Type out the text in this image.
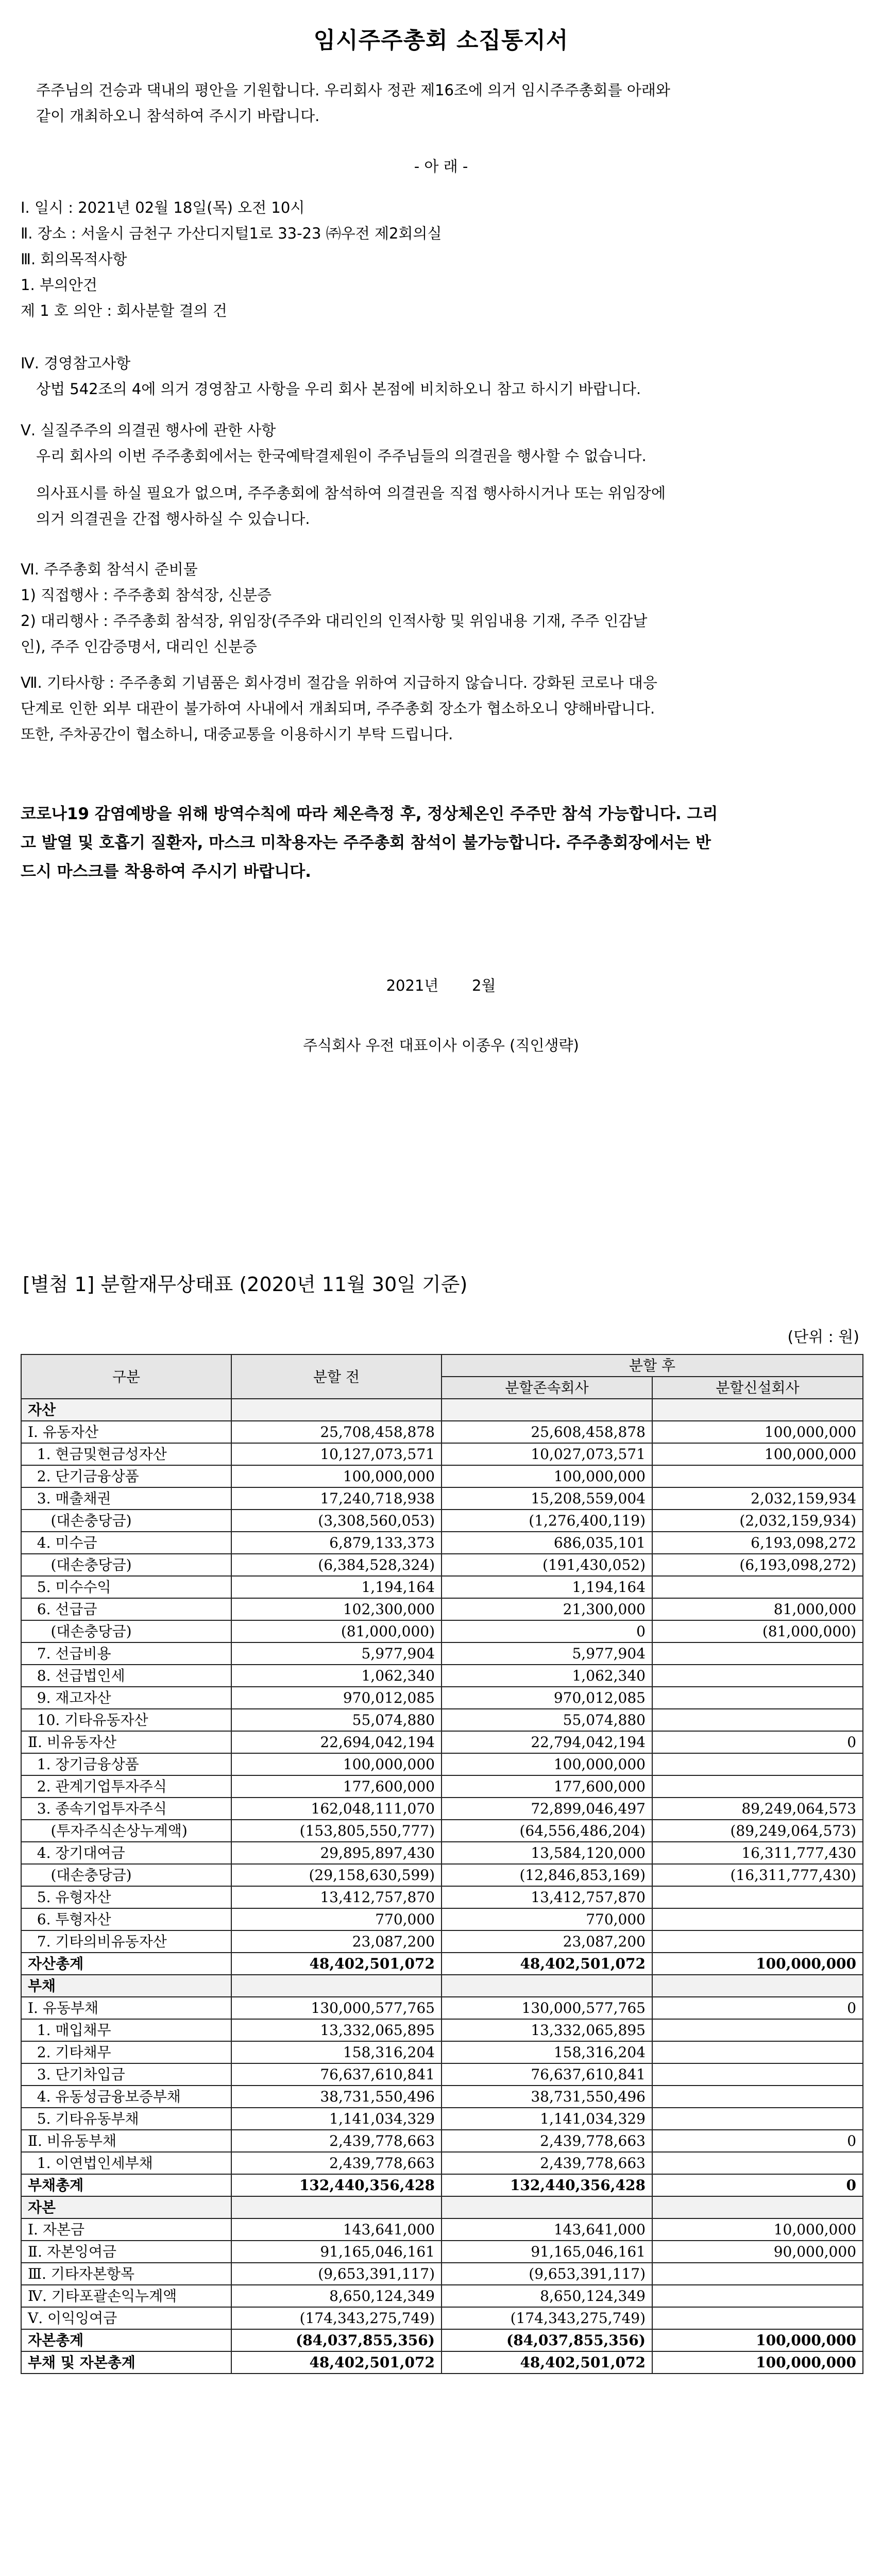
임시주주총회 소집통지서
주주님의 건승과 댁내의 평안을 기원합니다. 우리회사 정관 제16조에 의거 임시주주총회를 아래와
같이 개최하오니 참석하여 주시기 바랍니다.
- 아 래 -
Ⅰ. 일시 : 2021년 02월 18일(목) 오전 10시
Ⅱ. 장소 : 서울시 금천구 가산디지털1로 33-23 ㈜우전 제2회의실
Ⅲ. 회의목적사항
1. 부의안건
제 1 호 의안 : 회사분할 결의 건
Ⅳ. 경영참고사항
상법 542조의 4에 의거 경영참고 사항을 우리 회사 본점에 비치하오니 참고 하시기 바랍니다.
Ⅴ. 실질주주의 의결권 행사에 관한 사항
우리 회사의 이번 주주총회에서는 한국예탁결제원이 주주님들의 의결권을 행사할 수 없습니다.
의사표시를 하실 필요가 없으며, 주주총회에 참석하여 의결권을 직접 행사하시거나 또는 위임장에
의거 의결권을 간접 행사하실 수 있습니다.
Ⅵ. 주주총회 참석시 준비물
1) 직접행사 : 주주총회 참석장, 신분증
2) 대리행사 : 주주총회 참석장, 위임장(주주와 대리인의 인적사항 및 위임내용 기재, 주주 인감날
인), 주주 인감증명서, 대리인 신분증
Ⅶ. 기타사항 : 주주총회 기념품은 회사경비 절감을 위하여 지급하지 않습니다. 강화된 코로나 대응
단계로 인한 외부 대관이 불가하여 사내에서 개최되며, 주주총회 장소가 협소하오니 양해바랍니다.
또한, 주차공간이 협소하니, 대중교통을 이용하시기 부탁 드립니다.
코로나19 감염예방을 위해 방역수칙에 따라 체온측정 후, 정상체온인 주주만 참석 가능합니다. 그리
고 발열 및 호흡기 질환자, 마스크 미착용자는 주주총회 참석이 불가능합니다. 주주총회장에서는 반
드시 마스크를 착용하여 주시기 바랍니다.
2021년       2월
주식회사 우전 대표이사 이종우 (직인생략)
[별첨 1] 분할재무상태표 (2020년 11월 30일 기준)
(단위 : 원)
구분	분할 전	분할 후	
		분할존속회사	분할신설회사
자산			
Ⅰ. 유동자산	25,708,458,878	25,608,458,878	100,000,000
1. 현금및현금성자산	10,127,073,571	10,027,073,571	100,000,000
2. 단기금융상품	100,000,000	100,000,000	
3. 매출채권	17,240,718,938	15,208,559,004	2,032,159,934
(대손충당금)	(3,308,560,053)	(1,276,400,119)	(2,032,159,934)
4. 미수금	6,879,133,373	686,035,101	6,193,098,272
(대손충당금)	(6,384,528,324)	(191,430,052)	(6,193,098,272)
5. 미수수익	1,194,164	1,194,164	
6. 선급금	102,300,000	21,300,000	81,000,000
(대손충당금)	(81,000,000)	0	(81,000,000)
7. 선급비용	5,977,904	5,977,904	
8. 선급법인세	1,062,340	1,062,340	
9. 재고자산	970,012,085	970,012,085	
10. 기타유동자산	55,074,880	55,074,880	
Ⅱ. 비유동자산	22,694,042,194	22,794,042,194	0
1. 장기금융상품	100,000,000	100,000,000	
2. 관계기업투자주식	177,600,000	177,600,000	
3. 종속기업투자주식	162,048,111,070	72,899,046,497	89,249,064,573
(투자주식손상누계액)	(153,805,550,777)	(64,556,486,204)	(89,249,064,573)
4. 장기대여금	29,895,897,430	13,584,120,000	16,311,777,430
(대손충당금)	(29,158,630,599)	(12,846,853,169)	(16,311,777,430)
5. 유형자산	13,412,757,870	13,412,757,870	
6. 투형자산	770,000	770,000	
7. 기타의비유동자산	23,087,200	23,087,200	
자산총계	48,402,501,072	48,402,501,072	100,000,000
부채			
Ⅰ. 유동부채	130,000,577,765	130,000,577,765	0
1. 매입채무	13,332,065,895	13,332,065,895	
2. 기타채무	158,316,204	158,316,204	
3. 단기차입금	76,637,610,841	76,637,610,841	
4. 유동성금융보증부채	38,731,550,496	38,731,550,496	
5. 기타유동부채	1,141,034,329	1,141,034,329	
Ⅱ. 비유동부채	2,439,778,663	2,439,778,663	0
1. 이연법인세부채	2,439,778,663	2,439,778,663	
부채총계	132,440,356,428	132,440,356,428	0
자본			
Ⅰ. 자본금	143,641,000	143,641,000	10,000,000
Ⅱ. 자본잉여금	91,165,046,161	91,165,046,161	90,000,000
Ⅲ. 기타자본항목	(9,653,391,117)	(9,653,391,117)	
Ⅳ. 기타포괄손익누계액	8,650,124,349	8,650,124,349	
Ⅴ. 이익잉여금	(174,343,275,749)	(174,343,275,749)	
자본총계	(84,037,855,356)	(84,037,855,356)	100,000,000
부채 및 자본총계	48,402,501,072	48,402,501,072	100,000,000
